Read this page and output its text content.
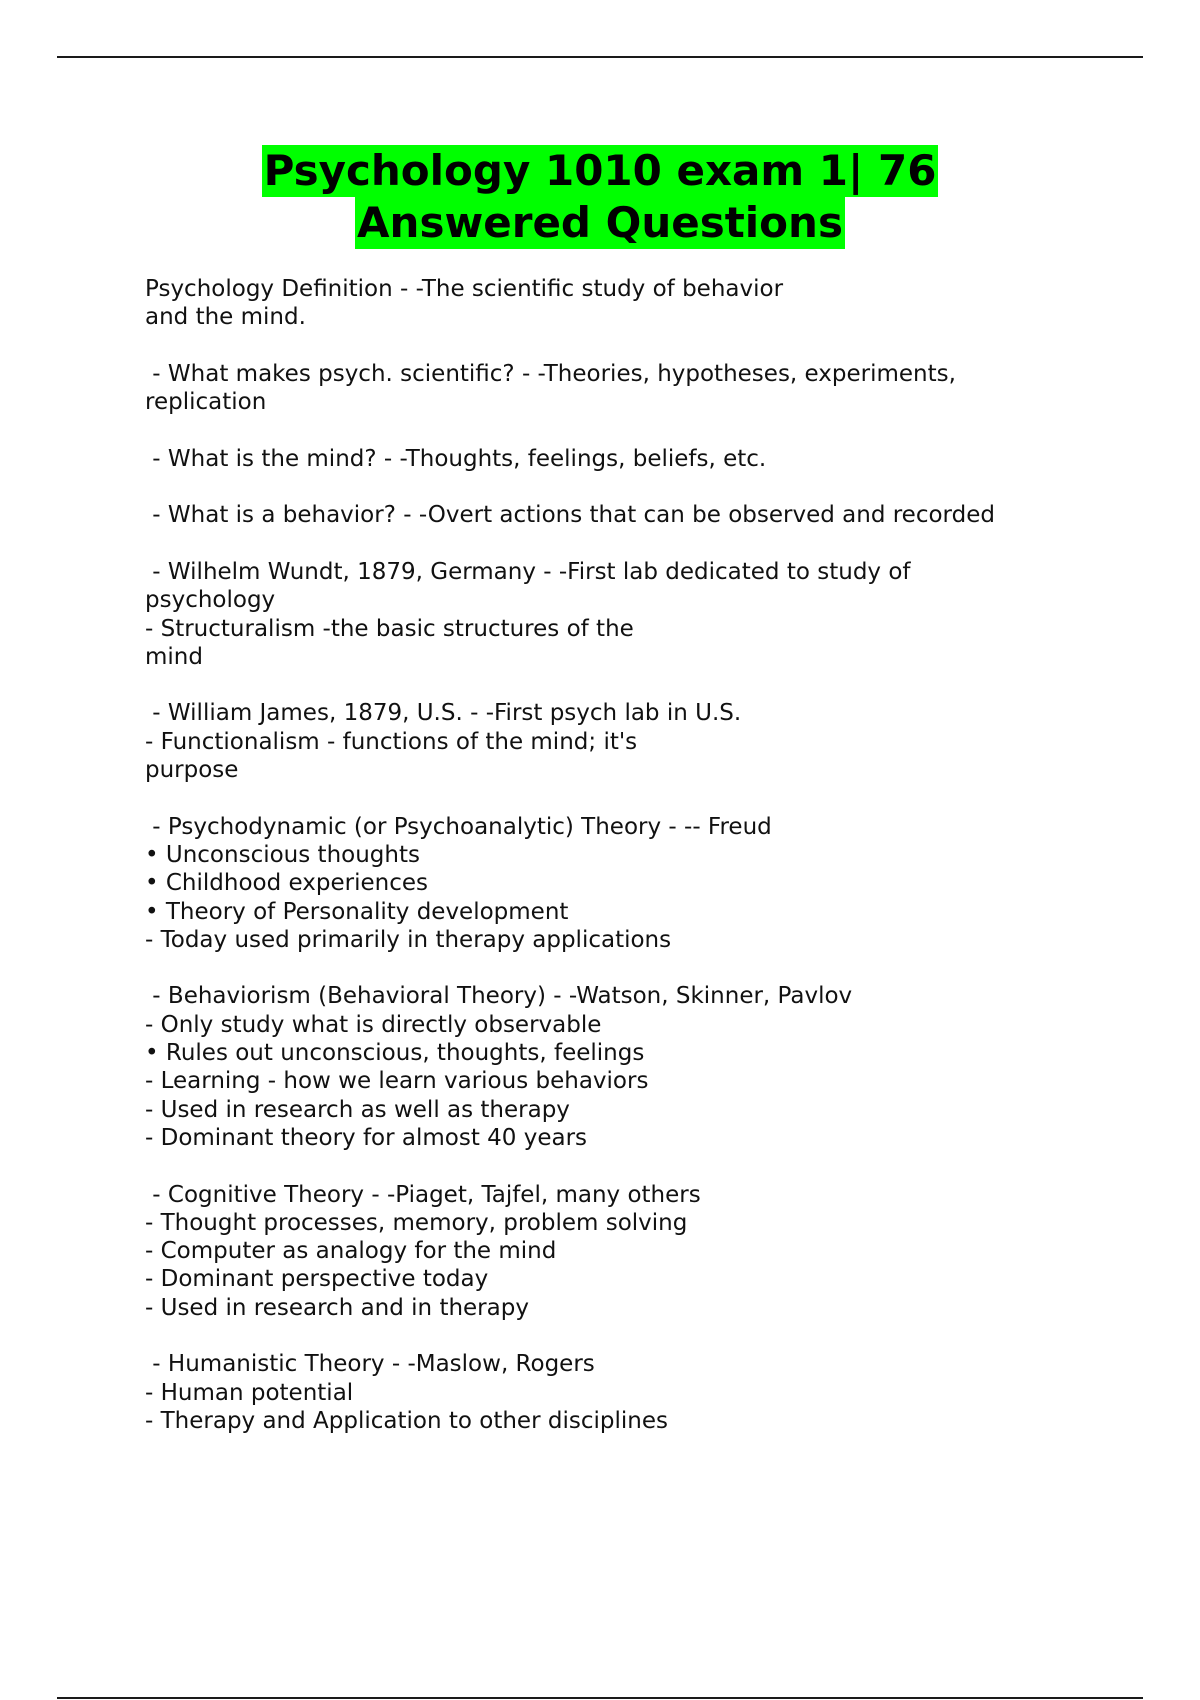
Psychology 1010 exam 1| 76
Answered Questions
Psychology Definition - -The scientific study of behavior
and the mind.
- What makes psych. scientific? - -Theories, hypotheses, experiments,
replication
- What is the mind? - -Thoughts, feelings, beliefs, etc.
- What is a behavior? - -Overt actions that can be observed and recorded
- Wilhelm Wundt, 1879, Germany - -First lab dedicated to study of
psychology
- Structuralism -the basic structures of the
mind
- William James, 1879, U.S. - -First psych lab in U.S.
- Functionalism - functions of the mind; it's
purpose
- Psychodynamic (or Psychoanalytic) Theory - -- Freud
• Unconscious thoughts
• Childhood experiences
• Theory of Personality development
- Today used primarily in therapy applications
- Behaviorism (Behavioral Theory) - -Watson, Skinner, Pavlov
- Only study what is directly observable
• Rules out unconscious, thoughts, feelings
- Learning - how we learn various behaviors
- Used in research as well as therapy
- Dominant theory for almost 40 years
- Cognitive Theory - -Piaget, Tajfel, many others
- Thought processes, memory, problem solving
- Computer as analogy for the mind
- Dominant perspective today
- Used in research and in therapy
- Humanistic Theory - -Maslow, Rogers
- Human potential
- Therapy and Application to other disciplines
